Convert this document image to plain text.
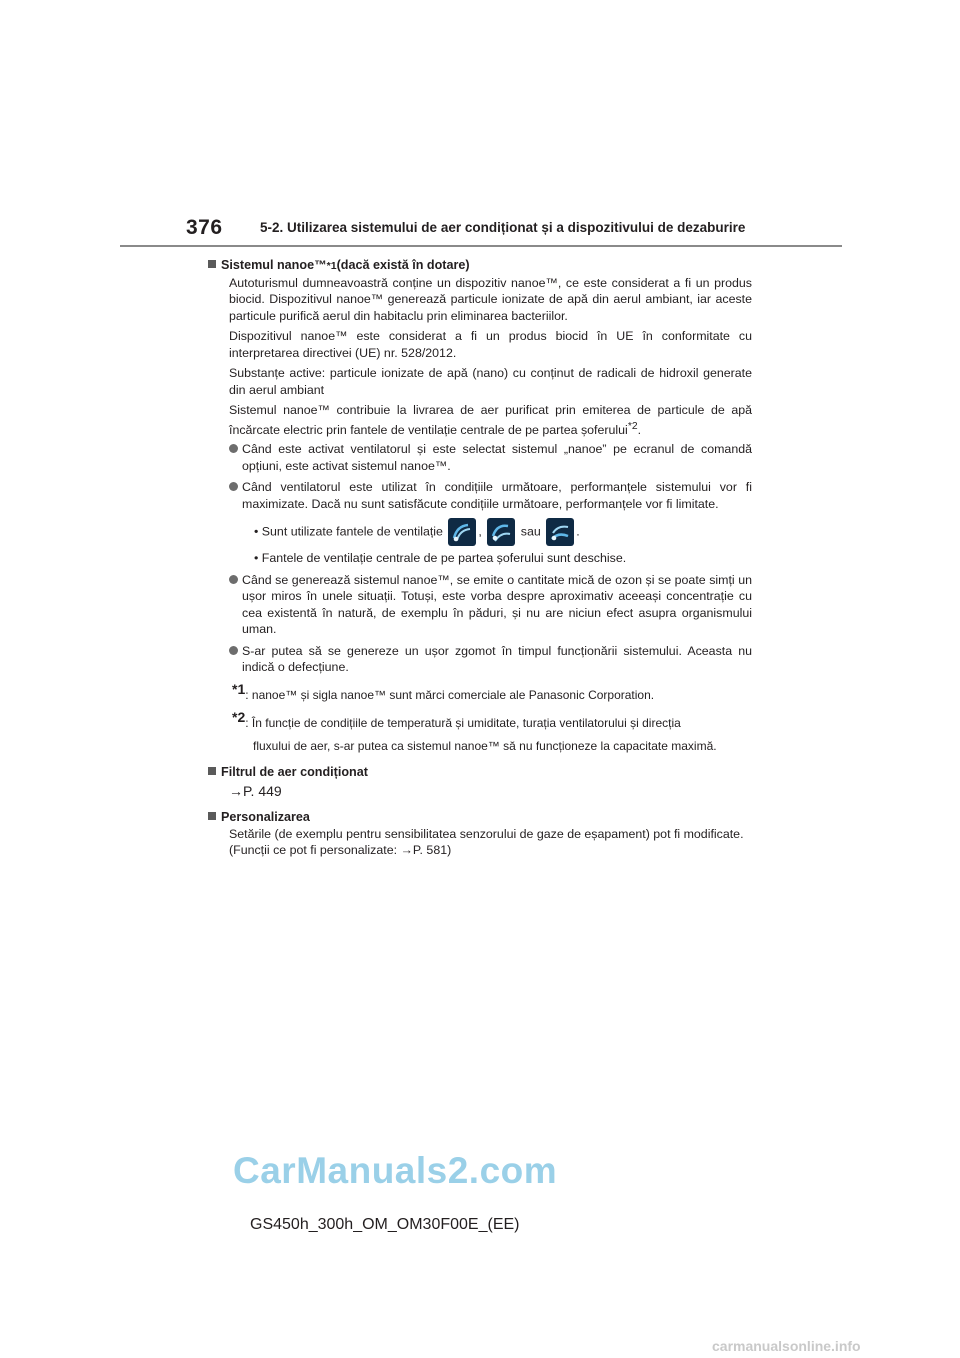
376	5-2. Utilizarea sistemului de aer condiționat și a dispozitivului de dezaburire
Sistemul nanoe™ *1 (dacă există în dotare)

Autoturismul dumneavoastră conține un dispozitiv nanoe™, ce este considerat a fi un produs biocid. Dispozitivul nanoe™ generează particule ionizate de apă din aerul ambiant, iar aceste particule purifică aerul din habitaclu prin eliminarea bacteriilor.

Dispozitivul nanoe™ este considerat a fi un produs biocid în UE în conformitate cu interpretarea directivei (UE) nr. 528/2012.

Substanțe active: particule ionizate de apă (nano) cu conținut de radicali de hidroxil generate din aerul ambiant

Sistemul nanoe™ contribuie la livrarea de aer purificat prin emiterea de particule de apă încărcate electric prin fantele de ventilație centrale de pe partea șoferului$^{*2}$.

Când este activat ventilatorul și este selectat sistemul „nanoe” pe ecranul de comandă opțiuni, este activat sistemul nanoe™.
Când ventilatorul este utilizat în condițiile următoare, performanțele sistemului vor fi maximizate. Dacă nu sunt satisfăcute condițiile următoare, performanțele vor fi limitate.
• Sunt utilizate fantele de ventilație	,	sau	.
• Fantele de ventilație centrale de pe partea șoferului sunt deschise.
Când se generează sistemul nanoe™, se emite o cantitate mică de ozon și se poate simți un ușor miros în unele situații. Totuși, este vorba despre aproximativ aceeași concentrație cu cea existentă în natură, de exemplu în păduri, și nu are niciun efect asupra organismului uman.
S-ar putea să se genereze un ușor zgomot în timpul funcționării sistemului. Aceasta nu indică o defecțiune.
$^{*1}$: nanoe™ și sigla nanoe™ sunt mărci comerciale ale Panasonic Corporation.
$^{*2}$: În funcție de condițiile de temperatură și umiditate, turația ventilatorului și direcția
fluxului de aer, s-ar putea ca sistemul nanoe™ să nu funcționeze la capacitate maximă.
Filtrul de aer condiționat
→P. 449
Personalizarea

Setările (de exemplu pentru sensibilitatea senzorului de gaze de eșapament) pot fi modificate.

(Funcții ce pot fi personalizate: →P. 581)

CarManuals2.com
GS450h_300h_OM_OM30F00E_(EE)
carmanualsonline.info
